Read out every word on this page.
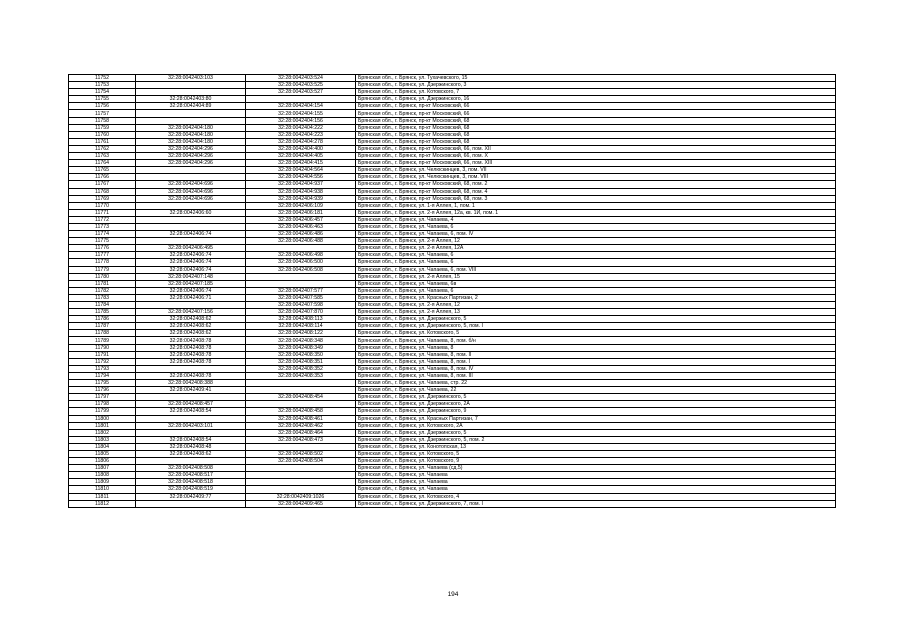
11752	32:28:0042403:103	32:28:0042403:524	Брянская обл., г. Брянск, ул. Тухачевского, 15
11753		32:28:0042403:525	Брянская обл., г. Брянск, ул. Дзержинского, 3
11754		32:28:0042403:527	Брянская обл., г. Брянск, ул. Котовского, 7
11755	32:28:0042403:80		Брянская обл., г. Брянск, ул. Дзержинского, 16
11756	32:28:0042404:89	32:28:0042404:154	Брянская обл., г. Брянск, пр-кт Московский, 66
11757		32:28:0042404:155	Брянская обл., г. Брянск, пр-кт Московский, 66
11758		32:28:0042404:156	Брянская обл., г. Брянск, пр-кт Московский, 68
11759	32:28:0042404:180	32:28:0042404:222	Брянская обл., г. Брянск, пр-кт Московский, 68
11760	32:28:0042404:180	32:28:0042404:223	Брянская обл., г. Брянск, пр-кт Московский, 68
11761	32:28:0042404:180	32:28:0042404:278	Брянская обл., г. Брянск, пр-кт Московский, 68
11762	32:28:0042404:296	32:28:0042404:400	Брянская обл., г. Брянск, пр-кт Московский, 66, пом. XII
11763	32:28:0042404:296	32:28:0042404:405	Брянская обл., г. Брянск, пр-кт Московский, 66, пом. X
11764	32:28:0042404:296	32:28:0042404:415	Брянская обл., г. Брянск, пр-кт Московский, 66, пом. XIII
11765		32:28:0042404:564	Брянская обл., г. Брянск, ул. Челюскинцев, 3, пом. VII
11766		32:28:0042404:556	Брянская обл., г. Брянск, ул. Челюскинцев, 3, пом. VIII
11767	32:28:0042404:696	32:28:0042404:937	Брянская обл., г. Брянск, пр-кт Московский, 68, пом. 2
11768	32:28:0042404:696	32:28:0042404:938	Брянская обл., г. Брянск, пр-кт Московский, 68, пом. 4
11769	32:28:0042404:696	32:28:0042404:939	Брянская обл., г. Брянск, пр-кт Московский, 68, пом. 3
11770		32:28:0042406:109	Брянская обл., г. Брянск, ул. 1-я Аллея, 1, пом. 1
11771	32:28:0042406:60	32:28:0042406:181	Брянская обл., г. Брянск, ул. 2-я Аллея, 12а, кв. 1И, пом. 1
11772		32:28:0042406:457	Брянская обл., г. Брянск, ул. Чапаева, 4
11773		32:28:0042406:463	Брянская обл., г. Брянск, ул. Чапаева, 6
11774	32:28:0042406:74	32:28:0042406:486	Брянская обл., г. Брянск, ул. Чапаева, 6, пом. IV
11775		32:28:0042406:488	Брянская обл., г. Брянск, ул. 2-я Аллея, 12
11776	32:28:0042406:495		Брянская обл., г. Брянск, ул. 2-я Аллея, 12А
11777	32:28:0042406:74	32:28:0042406:498	Брянская обл., г. Брянск, ул. Чапаева, 6
11778	32:28:0042406:74	32:28:0042406:500	Брянская обл., г. Брянск, ул. Чапаева, 6
11779	32:28:0042406:74	32:28:0042406:508	Брянская обл., г. Брянск, ул. Чапаева, 6, пом. VIII
11780	32:28:0042407:148		Брянская обл., г. Брянск, ул. 2-я Аллея, 15
11781	32:28:0042407:185		Брянская обл., г. Брянск, ул. Чапаева, 6в
11782	32:28:0042406:74	32:28:0042407:577	Брянская обл., г. Брянск, ул. Чапаева, 6
11783	32:28:0042406:71	32:28:0042407:585	Брянская обл., г. Брянск, ул. Красных Партизан, 2
11784		32:28:0042407:598	Брянская обл., г. Брянск, ул. 2-я Аллея, 12
11785	32:28:0042407:156	32:28:0042407:870	Брянская обл., г. Брянск, ул. 2-я Аллея, 13
11786	32:28:0042408:62	32:28:0042408:113	Брянская обл., г. Брянск, ул. Дзержинского, 5
11787	32:28:0042408:62	32:28:0042408:114	Брянская обл., г. Брянск, ул. Дзержинского, 5, пом. I
11788	32:28:0042408:62	32:28:0042408:122	Брянская обл., г. Брянск, ул. Котовского, 5
11789	32:28:0042408:78	32:28:0042408:348	Брянская обл., г. Брянск, ул. Чапаева, 8, пом. б/н
11790	32:28:0042408:78	32:28:0042408:349	Брянская обл., г. Брянск, ул. Чапаева, 8
11791	32:28:0042408:78	32:28:0042408:350	Брянская обл., г. Брянск, ул. Чапаева, 8, пом. II
11792	32:28:0042408:78	32:28:0042408:351	Брянская обл., г. Брянск, ул. Чапаева, 8, пом. I
11793		32:28:0042408:352	Брянская обл., г. Брянск, ул. Чапаева, 8, пом. IV
11794	32:28:0042408:78	32:28:0042408:353	Брянская обл., г. Брянск, ул. Чапаева, 8, пом. III
11795	32:28:0042408:388		Брянская обл., г. Брянск, ул. Чапаева, стр. 22
11796	32:28:0042409:41		Брянская обл., г. Брянск, ул. Чапаева, 22
11797		32:28:0042408:454	Брянская обл., г. Брянск, ул. Дзержинского, 5
11798	32:28:0042408:457		Брянская обл., г. Брянск, ул. Дзержинского, 2А
11799	32:28:0042408:54	32:28:0042408:458	Брянская обл., г. Брянск, ул. Дзержинского, 9
11800		32:28:0042408:461	Брянская обл., г. Брянск, ул. Красных Партизан, 7
11801	32:28:0042403:101	32:28:0042408:462	Брянская обл., г. Брянск, ул. Котовского, 2А
11802		32:28:0042408:464	Брянская обл., г. Брянск, ул. Дзержинского, 5
11803	32:28:0042408:54	32:28:0042408:473	Брянская обл., г. Брянск, ул. Дзержинского, 5, пом. 2
11804	32:28:0042408:48		Брянская обл., г. Брянск, ул. Конотопская, 13
11805	32:28:0042408:62	32:28:0042408:502	Брянская обл., г. Брянск, ул. Котовского, 5
11806		32:28:0042408:504	Брянская обл., г. Брянск, ул. Котовского, 9
11807	32:28:0042408:508		Брянская обл., г. Брянск, ул. Чапаева (сд.5)
11808	32:28:0042408:517		Брянская обл., г. Брянск, ул. Чапаева
11809	32:28:0042408:518		Брянская обл., г. Брянск, ул. Чапаева
11810	32:28:0042408:519		Брянская обл., г. Брянск, ул. Чапаева
11811	32:28:0042409:77	32:28:0042409:1026	Брянская обл., г. Брянск, ул. Котовского, 4
11812		32:28:0042409:465	Брянская обл., г. Брянск, ул. Дзержинского, 7, пом. I
194
